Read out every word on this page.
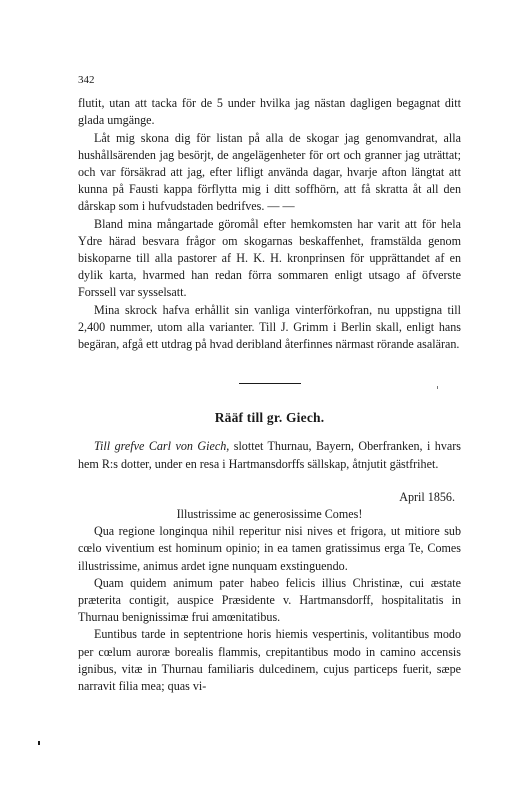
342

flutit, utan att tacka för de 5 under hvilka jag nästan dagligen begagnat ditt glada umgänge.

Låt mig skona dig för listan på alla de skogar jag genomvandrat, alla hushållsärenden jag besörjt, de angelägenheter för ort och granner jag uträttat; och var försäkrad att jag, efter lifligt använda dagar, hvarje afton längtat att kunna på Fausti kappa förflytta mig i ditt soffhörn, att få skratta åt all den dårskap som i hufvudstaden bedrifves. — —

Bland mina mångartade göromål efter hemkomsten har varit att för hela Ydre härad besvara frågor om skogarnas beskaffenhet, framstälda genom biskoparne till alla pastorer af H. K. H. kronprinsen för upprättandet af en dylik karta, hvarmed han redan förra sommaren enligt utsago af öfverste Forssell var sysselsatt.

Mina skrock hafva erhållit sin vanliga vinterförkofran, nu uppstigna till 2,400 nummer, utom alla varianter. Till J. Grimm i Berlin skall, enligt hans begäran, afgå ett utdrag på hvad deribland återfinnes närmast rörande asaläran.

Rääf till gr. Giech.

Till grefve Carl von Giech, slottet Thurnau, Bayern, Oberfranken, i hvars hem R:s dotter, under en resa i Hartmansdorffs sällskap, åtnjutit gästfrihet.

April 1856.
Illustrissime ac generosissime Comes!

Qua regione longinqua nihil reperitur nisi nives et frigora, ut mitiore sub cœlo viventium est hominum opinio; in ea tamen gratissimus erga Te, Comes illustrissime, animus ardet igne nunquam exstinguendo.

Quam quidem animum pater habeo felicis illius Christinæ, cui æstate præterita contigit, auspice Præsidente v. Hartmansdorff, hospitalitatis in Thurnau benignissimæ frui amœnitatibus.

Euntibus tarde in septentrione horis hiemis vespertinis, volitantibus modo per cœlum auroræ borealis flammis, crepitantibus modo in camino accensis ignibus, vitæ in Thurnau familiaris dulcedinem, cujus particeps fuerit, sæpe narravit filia mea; quas vi-
